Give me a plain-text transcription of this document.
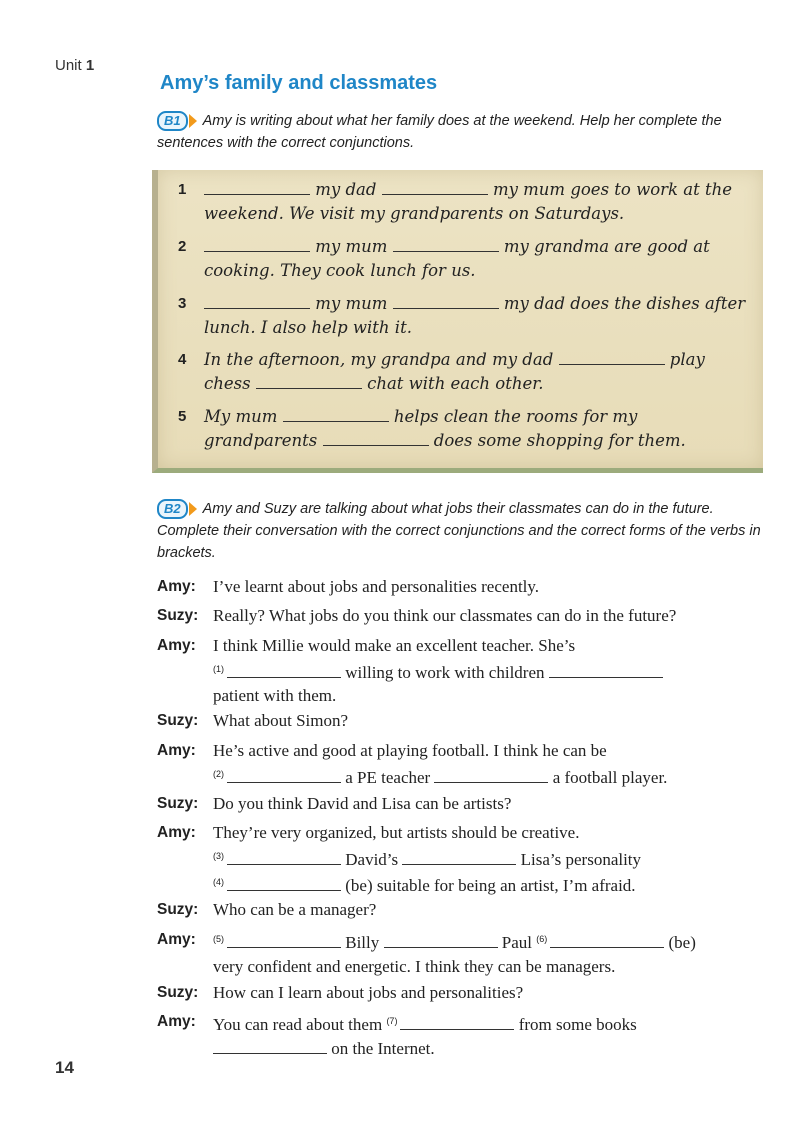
Unit 1
Amy’s family and classmates
B1	Amy is writing about what her family does at the weekend. Help her complete the sentences with the correct conjunctions.
1	my dad	my mum goes to work at the weekend. We visit my grandparents on Saturdays.
2	my mum	my grandma are good at cooking. They cook lunch for us.
3	my mum	my dad does the dishes after lunch. I also help with it.
4 In the afternoon, my grandpa and my dad	play chess	chat with each other.
5 My mum	helps clean the rooms for my grandparents	does some shopping for them.
B2	Amy and Suzy are talking about what jobs their classmates can do in the future. Complete their conversation with the correct conjunctions and the correct forms of the verbs in brackets.
Amy: I’ve learnt about jobs and personalities recently.
Suzy: Really? What jobs do you think our classmates can do in the future?
Amy: I think Millie would make an excellent teacher. She’s
$^{(1)}$	willing to work with children
patient with them.
Suzy: What about Simon?
Amy: He’s active and good at playing football. I think he can be
$^{(2)}$	a PE teacher	a football player.
Suzy: Do you think David and Lisa can be artists?
Amy: They’re very organized, but artists should be creative.
$^{(3)}$	David’s	Lisa’s personality
$^{(4)}$	(be) suitable for being an artist, I’m afraid.
Suzy: Who can be a manager?
Amy: $^{(5)}$	Billy	Paul $^{(6)}$	(be)
very confident and energetic. I think they can be managers.
Suzy: How can I learn about jobs and personalities?
Amy: You can read about them $^{(7)}$	from some books
on the Internet.
14
